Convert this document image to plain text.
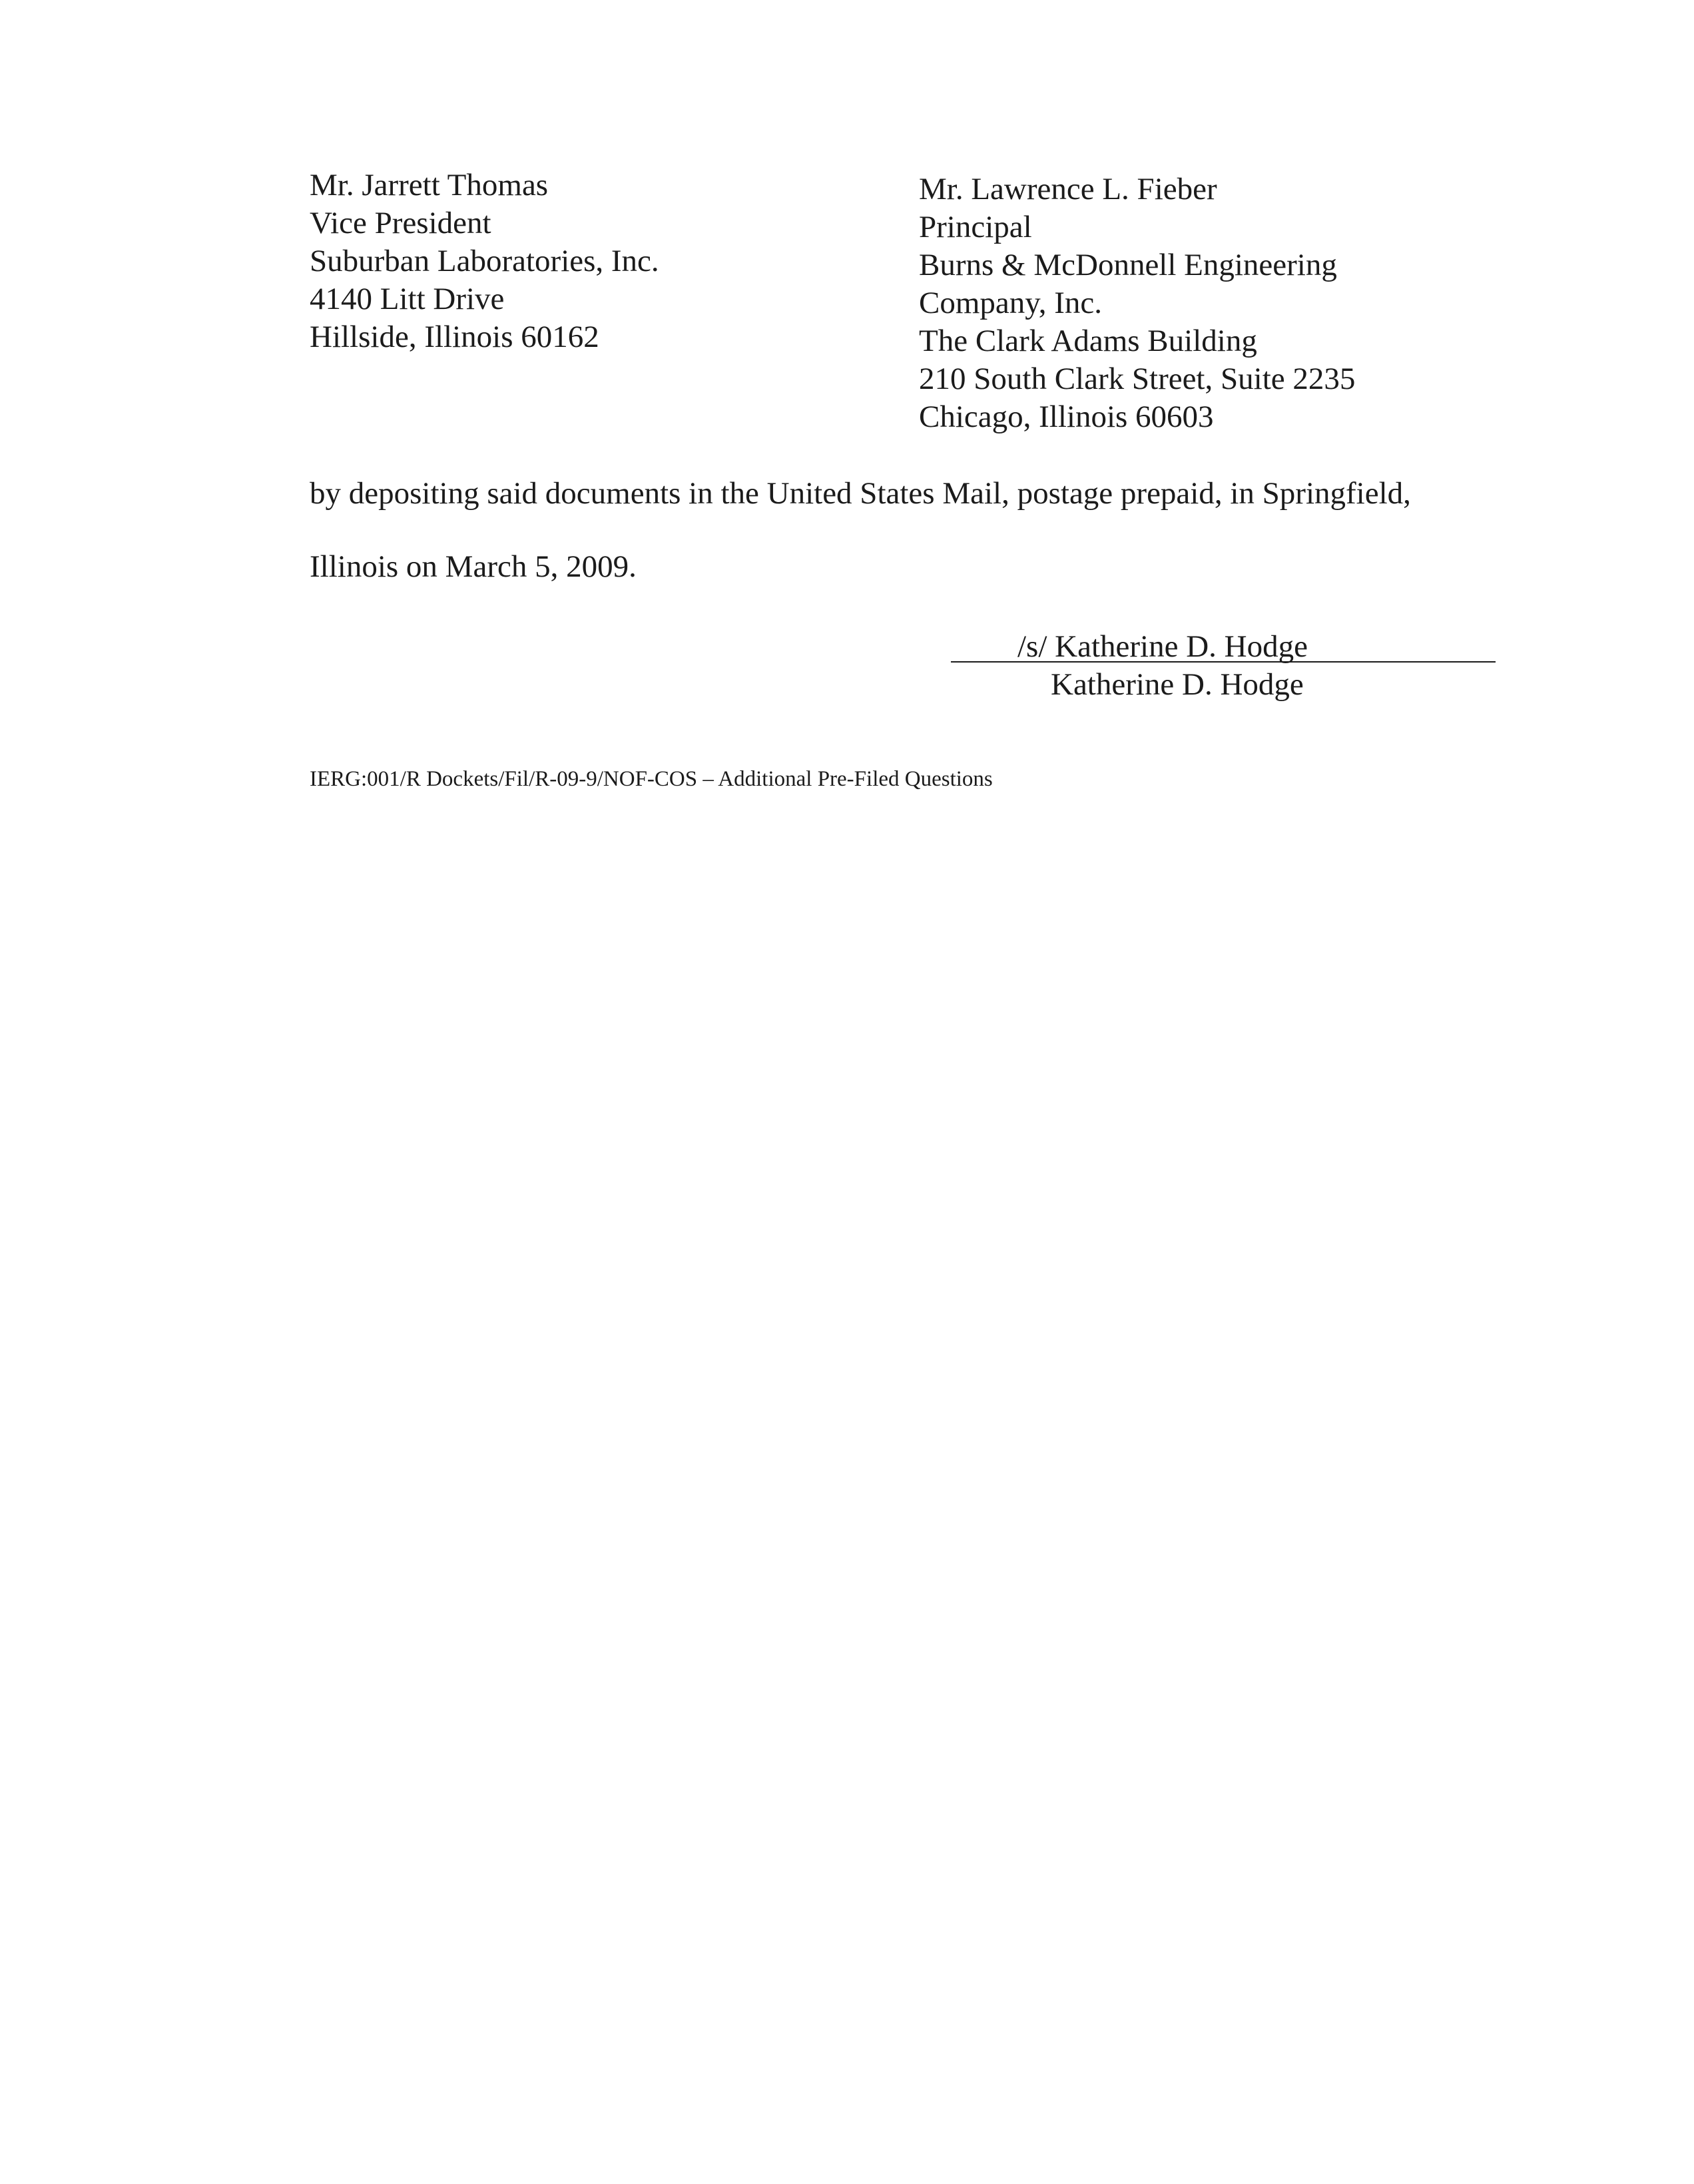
Mr. Jarrett Thomas
Vice President
Suburban Laboratories, Inc.
4140 Litt Drive
Hillside, Illinois 60162
Mr. Lawrence L. Fieber
Principal
Burns & McDonnell Engineering
Company, Inc.
The Clark Adams Building
210 South Clark Street, Suite 2235
Chicago, Illinois 60603
by depositing said documents in the United States Mail, postage prepaid, in Springfield,
Illinois on March 5, 2009.
/s/ Katherine D. Hodge
Katherine D. Hodge
IERG:001/R Dockets/Fil/R-09-9/NOF-COS – Additional Pre-Filed Questions
